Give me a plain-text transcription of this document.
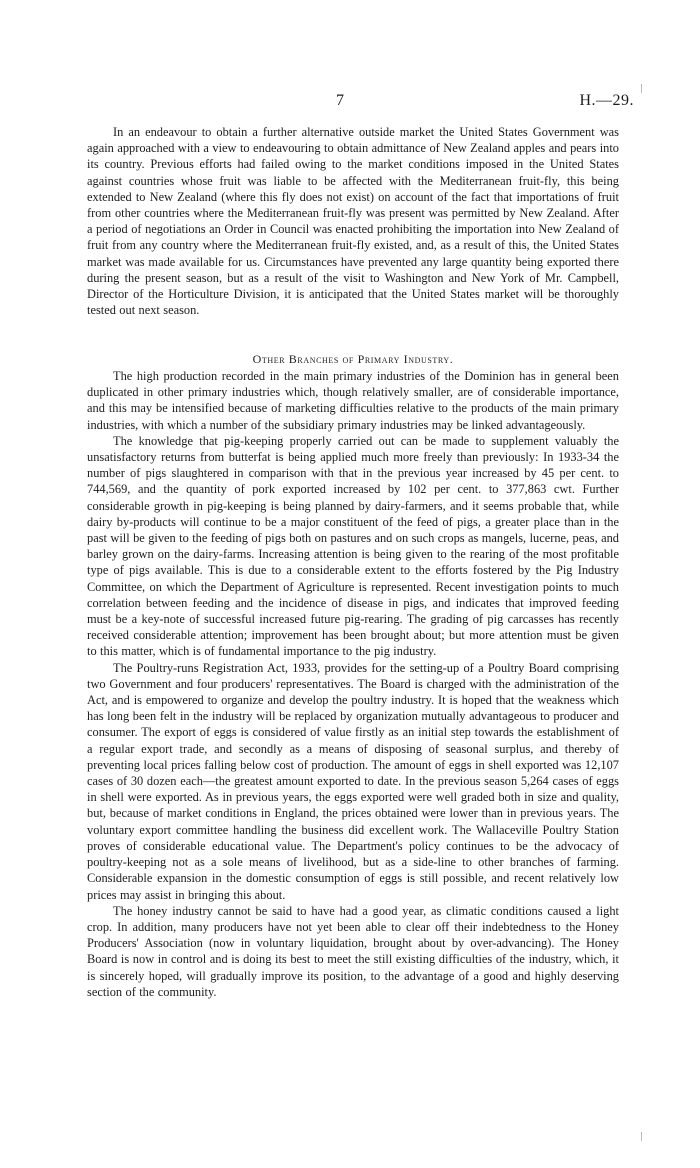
7	H.—29.

In an endeavour to obtain a further alternative outside market the United States Government was again approached with a view to endeavouring to obtain admittance of New Zealand apples and pears into its country. Previous efforts had failed owing to the market conditions imposed in the United States against countries whose fruit was liable to be affected with the Mediterranean fruit-fly, this being extended to New Zealand (where this fly does not exist) on account of the fact that importations of fruit from other countries where the Mediterranean fruit-fly was present was permitted by New Zealand. After a period of negotiations an Order in Council was enacted prohibiting the importation into New Zealand of fruit from any country where the Mediterranean fruit-fly existed, and, as a result of this, the United States market was made available for us. Circumstances have prevented any large quantity being exported there during the present season, but as a result of the visit to Washington and New York of Mr. Campbell, Director of the Horticulture Division, it is anticipated that the United States market will be thoroughly tested out next season.

Other Branches of Primary Industry.

The high production recorded in the main primary industries of the Dominion has in general been duplicated in other primary industries which, though relatively smaller, are of considerable importance, and this may be intensified because of marketing difficulties relative to the products of the main primary industries, with which a number of the subsidiary primary industries may be linked advantageously.

The knowledge that pig-keeping properly carried out can be made to supplement valuably the unsatisfactory returns from butterfat is being applied much more freely than previously: In 1933-34 the number of pigs slaughtered in comparison with that in the previous year increased by 45 per cent. to 744,569, and the quantity of pork exported increased by 102 per cent. to 377,863 cwt. Further considerable growth in pig-keeping is being planned by dairy-farmers, and it seems probable that, while dairy by-products will continue to be a major constituent of the feed of pigs, a greater place than in the past will be given to the feeding of pigs both on pastures and on such crops as mangels, lucerne, peas, and barley grown on the dairy-farms. Increasing attention is being given to the rearing of the most profitable type of pigs available. This is due to a considerable extent to the efforts fostered by the Pig Industry Committee, on which the Department of Agriculture is represented. Recent investigation points to much correlation between feeding and the incidence of disease in pigs, and indicates that improved feeding must be a key-note of successful increased future pig-rearing. The grading of pig carcasses has recently received considerable attention; improvement has been brought about; but more attention must be given to this matter, which is of fundamental importance to the pig industry.

The Poultry-runs Registration Act, 1933, provides for the setting-up of a Poultry Board comprising two Government and four producers' representatives. The Board is charged with the administration of the Act, and is empowered to organize and develop the poultry industry. It is hoped that the weakness which has long been felt in the industry will be replaced by organization mutually advantageous to producer and consumer. The export of eggs is considered of value firstly as an initial step towards the establishment of a regular export trade, and secondly as a means of disposing of seasonal surplus, and thereby of preventing local prices falling below cost of production. The amount of eggs in shell exported was 12,107 cases of 30 dozen each—the greatest amount exported to date. In the previous season 5,264 cases of eggs in shell were exported. As in previous years, the eggs exported were well graded both in size and quality, but, because of market conditions in England, the prices obtained were lower than in previous years. The voluntary export committee handling the business did excellent work. The Wallaceville Poultry Station proves of considerable educational value. The Department's policy continues to be the advocacy of poultry-keeping not as a sole means of livelihood, but as a side-line to other branches of farming. Considerable expansion in the domestic consumption of eggs is still possible, and recent relatively low prices may assist in bringing this about.

The honey industry cannot be said to have had a good year, as climatic conditions caused a light crop. In addition, many producers have not yet been able to clear off their indebtedness to the Honey Producers' Association (now in voluntary liquidation, brought about by over-advancing). The Honey Board is now in control and is doing its best to meet the still existing difficulties of the industry, which, it is sincerely hoped, will gradually improve its position, to the advantage of a good and highly deserving section of the community.
